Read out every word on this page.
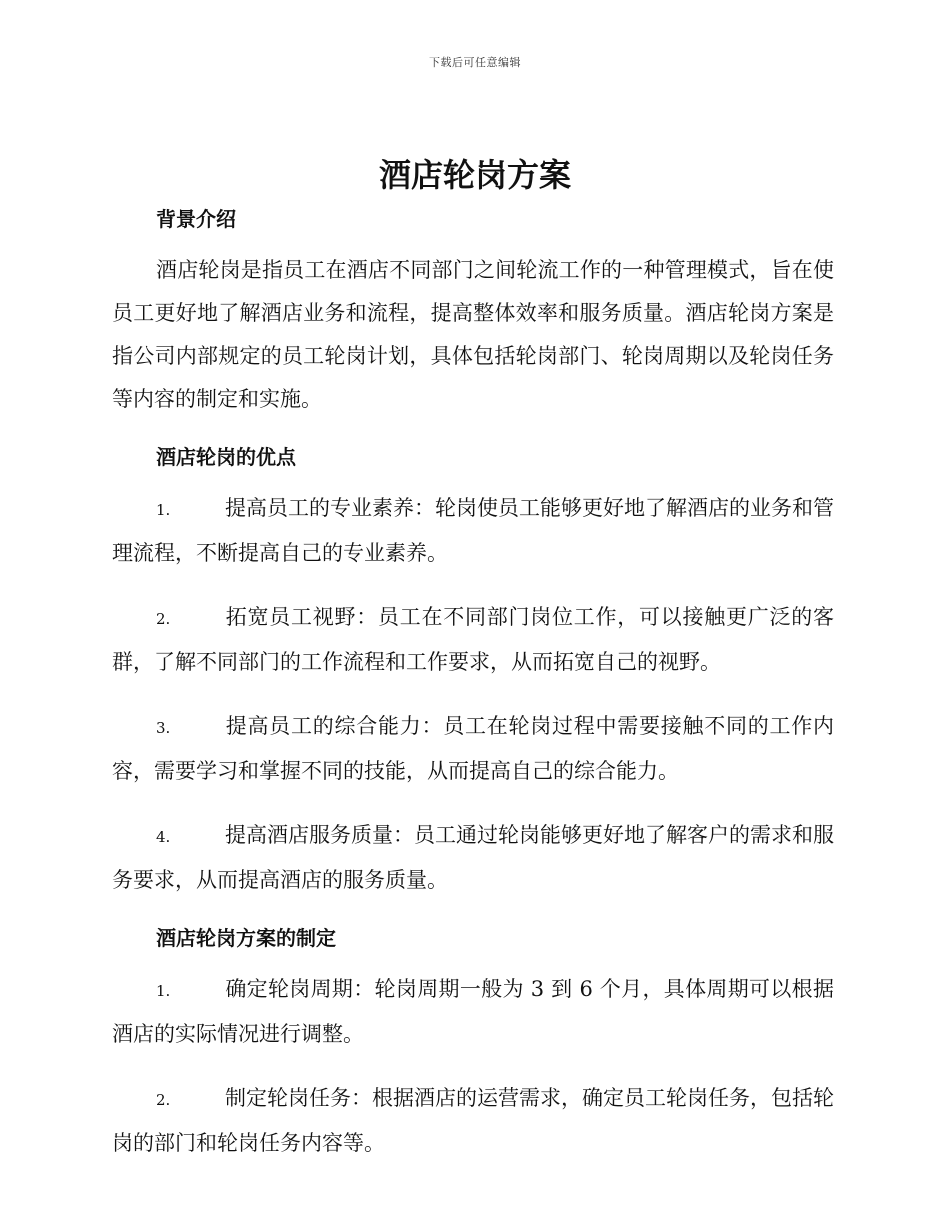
下载后可任意编辑
酒店轮岗方案
背景介绍

酒店轮岗是指员工在酒店不同部门之间轮流工作的一种管理模式，旨在使员工更好地了解酒店业务和流程，提高整体效率和服务质量。酒店轮岗方案是指公司内部规定的员工轮岗计划，具体包括轮岗部门、轮岗周期以及轮岗任务等内容的制定和实施。

酒店轮岗的优点

1.	提高员工的专业素养：轮岗使员工能够更好地了解酒店的业务和管理流程，不断提高自己的专业素养。

2.	拓宽员工视野：员工在不同部门岗位工作，可以接触更广泛的客群，了解不同部门的工作流程和工作要求，从而拓宽自己的视野。

3.	提高员工的综合能力：员工在轮岗过程中需要接触不同的工作内容，需要学习和掌握不同的技能，从而提高自己的综合能力。

4.	提高酒店服务质量：员工通过轮岗能够更好地了解客户的需求和服务要求，从而提高酒店的服务质量。

酒店轮岗方案的制定

1.	确定轮岗周期：轮岗周期一般为 3 到 6 个月，具体周期可以根据酒店的实际情况进行调整。

2.	制定轮岗任务：根据酒店的运营需求，确定员工轮岗任务，包括轮岗的部门和轮岗任务内容等。
